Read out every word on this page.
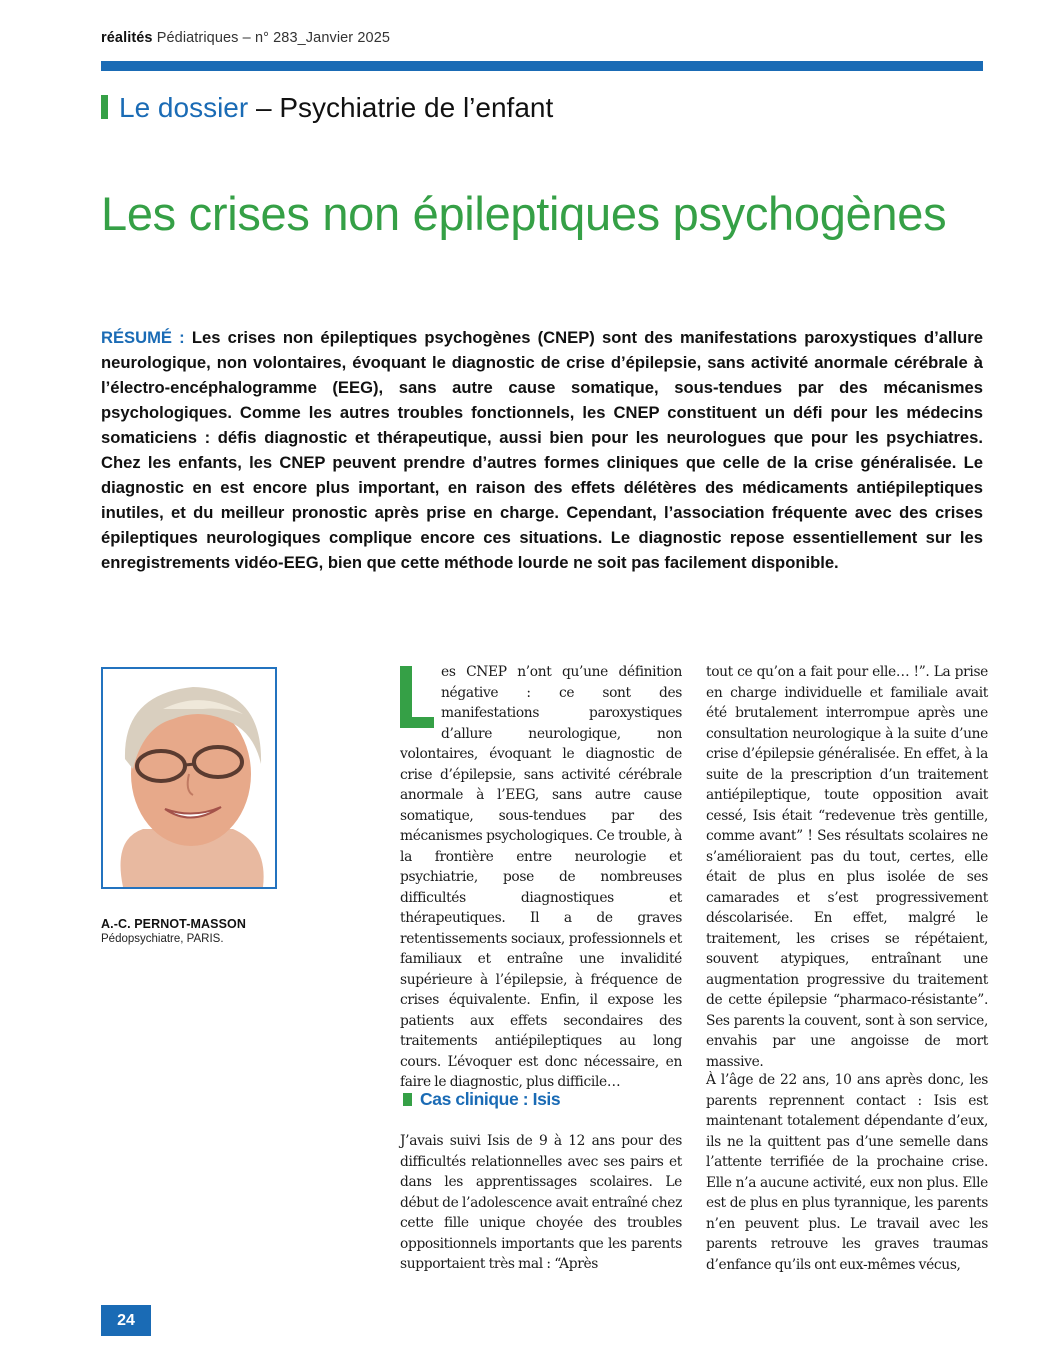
réalités Pédiatriques – n° 283_Janvier 2025
Le dossier – Psychiatrie de l’enfant
Les crises non épileptiques psychogènes
RÉSUMÉ : Les crises non épileptiques psychogènes (CNEP) sont des manifestations paroxystiques d’allure neurologique, non volontaires, évoquant le diagnostic de crise d’épilepsie, sans activité anormale cérébrale à l’électro-encéphalogramme (EEG), sans autre cause somatique, sous-tendues par des mécanismes psychologiques. Comme les autres troubles fonctionnels, les CNEP constituent un défi pour les médecins somaticiens : défis diagnostic et thérapeutique, aussi bien pour les neurologues que pour les psychiatres. Chez les enfants, les CNEP peuvent prendre d’autres formes cliniques que celle de la crise généralisée. Le diagnostic en est encore plus important, en raison des effets délétères des médicaments antiépileptiques inutiles, et du meilleur pronostic après prise en charge. Cependant, l’association fréquente avec des crises épileptiques neurologiques complique encore ces situations. Le diagnostic repose essentiellement sur les enregistrements vidéo-EEG, bien que cette méthode lourde ne soit pas facilement disponible.
A.-C. PERNOT-MASSON
Pédopsychiatre, PARIS.

es CNEP n’ont qu’une définition négative : ce sont des manifestations paroxystiques d’allure neurologique, non volontaires, évoquant le diagnostic de crise d’épilepsie, sans activité cérébrale anormale à l’EEG, sans autre cause somatique, sous-tendues par des mécanismes psychologiques. Ce trouble, à la frontière entre neurologie et psychiatrie, pose de nombreuses difficultés diagnostiques et thérapeutiques. Il a de graves retentissements sociaux, professionnels et familiaux et entraîne une invalidité supérieure à l’épilepsie, à fréquence de crises équivalente. Enfin, il expose les patients aux effets secondaires des traitements antiépileptiques au long cours. L’évoquer est donc nécessaire, en faire le diagnostic, plus difficile…

Cas clinique : Isis

J’avais suivi Isis de 9 à 12 ans pour des difficultés relationnelles avec ses pairs et dans les apprentissages scolaires. Le début de l’adolescence avait entraîné chez cette fille unique choyée des troubles oppositionnels importants que les parents supportaient très mal : “Après

tout ce qu’on a fait pour elle… !”. La prise en charge individuelle et familiale avait été brutalement interrompue après une consultation neurologique à la suite d’une crise d’épilepsie généralisée. En effet, à la suite de la prescription d’un traitement antiépileptique, toute opposition avait cessé, Isis était “redevenue très gentille, comme avant” ! Ses résultats scolaires ne s’amélioraient pas du tout, certes, elle était de plus en plus isolée de ses camarades et s’est progressivement déscolarisée. En effet, malgré le traitement, les crises se répétaient, souvent atypiques, entraînant une augmentation progressive du traitement de cette épilepsie “pharmaco-résistante”. Ses parents la couvent, sont à son service, envahis par une angoisse de mort massive.

À l’âge de 22 ans, 10 ans après donc, les parents reprennent contact : Isis est maintenant totalement dépendante d’eux, ils ne la quittent pas d’une semelle dans l’attente terrifiée de la prochaine crise. Elle n’a aucune activité, eux non plus. Elle est de plus en plus tyrannique, les parents n’en peuvent plus. Le travail avec les parents retrouve les graves traumas d’enfance qu’ils ont eux-mêmes vécus,

24
